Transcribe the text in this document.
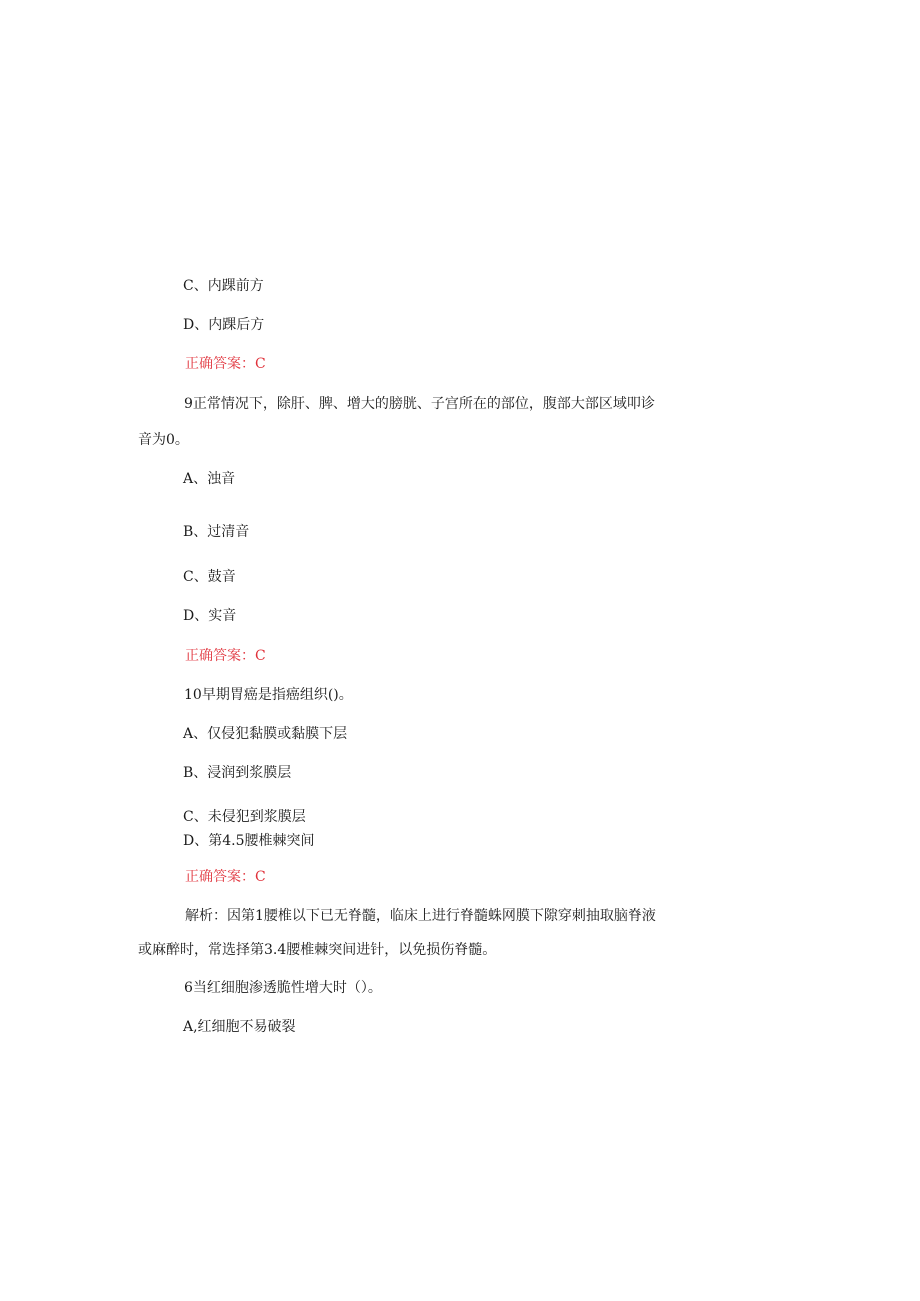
C、内踝前方
D、内踝后方
正确答案：C
9正常情况下，除肝、脾、增大的膀胱、子宫所在的部位，腹部大部区域叩诊
音为0。
A、浊音
B、过清音
C、鼓音
D、实音
正确答案：C
10早期胃癌是指癌组织()。
A、仅侵犯黏膜或黏膜下层
B、浸润到浆膜层
C、未侵犯到浆膜层
D、第4.5腰椎棘突间
正确答案：C
解析：因第1腰椎以下已无脊髓，临床上进行脊髓蛛网膜下隙穿刺抽取脑脊液
或麻醉时，常选择第3.4腰椎棘突间进针，以免损伤脊髓。
6当红细胞渗透脆性增大时（）。
A,红细胞不易破裂
